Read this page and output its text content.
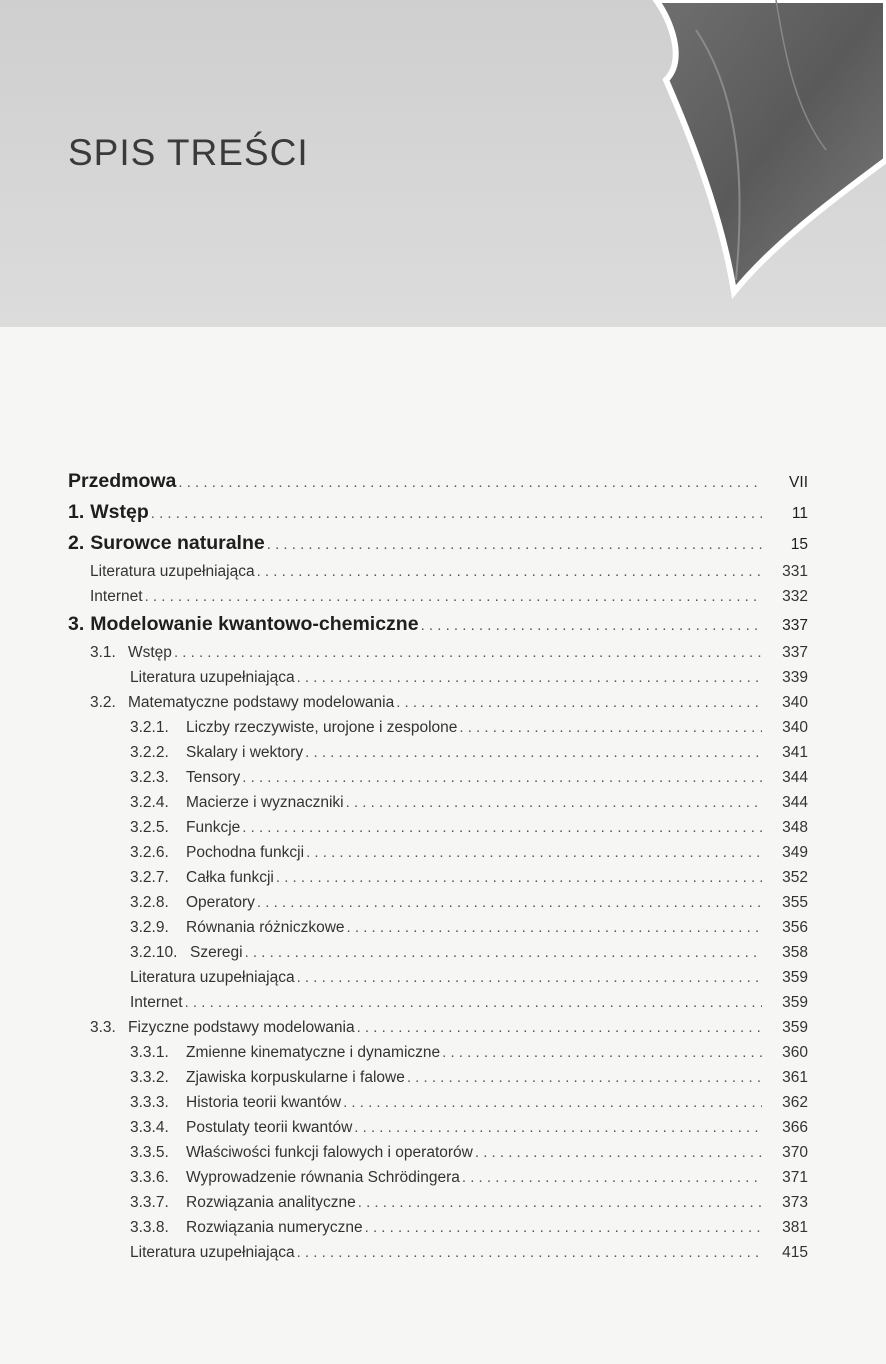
SPIS TREŚCI
Przedmowa . . .	VII
1. Wstęp . . .	11
2. Surowce naturalne . . .	15
Literatura uzupełniająca . . .	331
Internet . . .	332
3. Modelowanie kwantowo-chemiczne . . .	337
3.1. Wstęp . . .	337
Literatura uzupełniająca . . .	339
3.2. Matematyczne podstawy modelowania . . .	340
3.2.1. Liczby rzeczywiste, urojone i zespolone . . .	340
3.2.2. Skalary i wektory . . .	341
3.2.3. Tensory . . .	344
3.2.4. Macierze i wyznaczniki . . .	344
3.2.5. Funkcje . . .	348
3.2.6. Pochodna funkcji . . .	349
3.2.7. Całka funkcji . . .	352
3.2.8. Operatory . . .	355
3.2.9. Równania różniczkowe . . .	356
3.2.10. Szeregi . . .	358
Literatura uzupełniająca . . .	359
Internet . . .	359
3.3. Fizyczne podstawy modelowania . . .	359
3.3.1. Zmienne kinematyczne i dynamiczne . . .	360
3.3.2. Zjawiska korpuskularne i falowe . . .	361
3.3.3. Historia teorii kwantów . . .	362
3.3.4. Postulaty teorii kwantów . . .	366
3.3.5. Właściwości funkcji falowych i operatorów . . .	370
3.3.6. Wyprowadzenie równania Schrödingera . . .	371
3.3.7. Rozwiązania analityczne . . .	373
3.3.8. Rozwiązania numeryczne . . .	381
Literatura uzupełniająca . . .	415
